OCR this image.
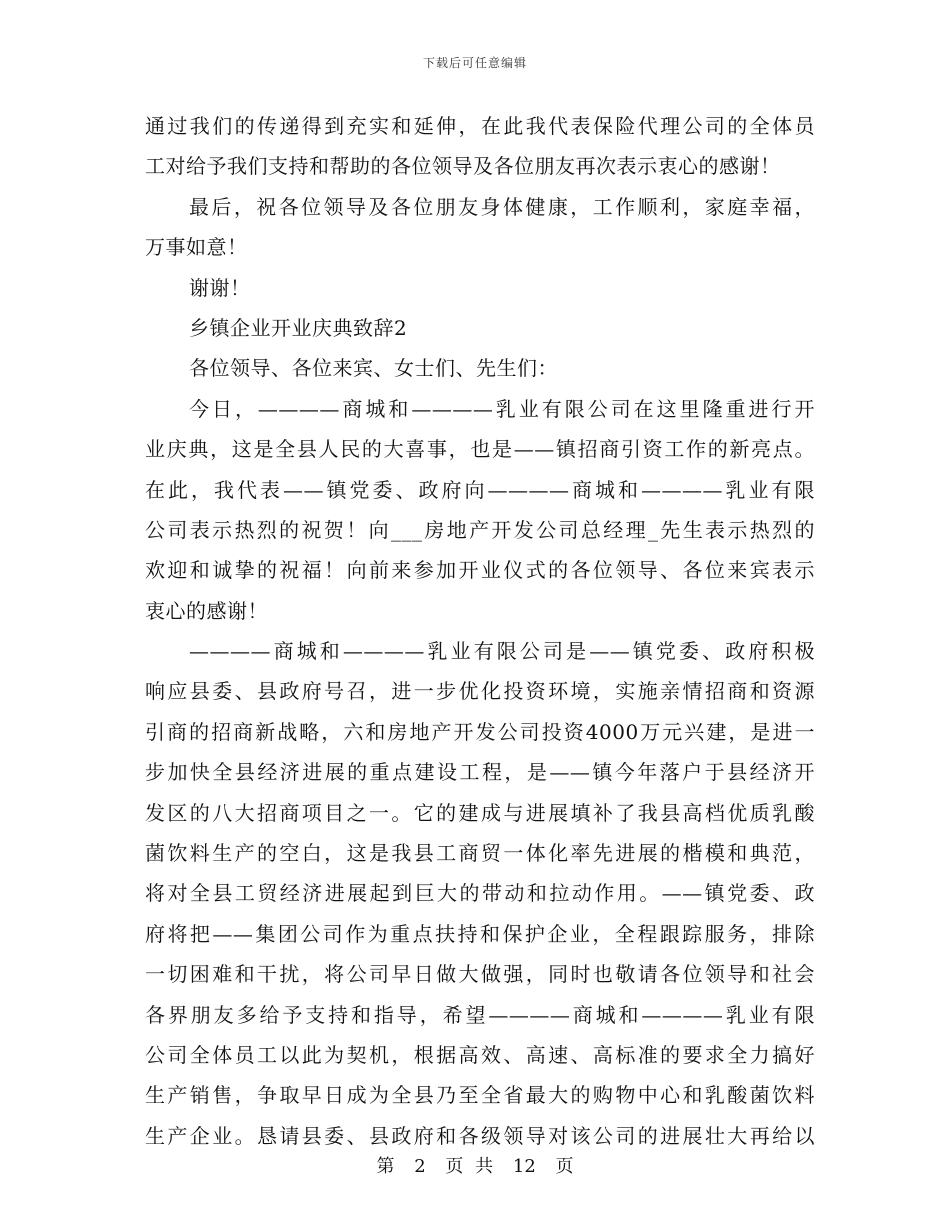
下载后可任意编辑
通过我们的传递得到充实和延伸，在此我代表保险代理公司的全体员
工对给予我们支持和帮助的各位领导及各位朋友再次表示衷心的感谢！
最后，祝各位领导及各位朋友身体健康，工作顺利，家庭幸福，
万事如意！
谢谢！
乡镇企业开业庆典致辞2
各位领导、各位来宾、女士们、先生们：
今日，————商城和————乳业有限公司在这里隆重进行开
业庆典，这是全县人民的大喜事，也是——镇招商引资工作的新亮点。
在此，我代表——镇党委、政府向————商城和————乳业有限
公司表示热烈的祝贺！向___房地产开发公司总经理_先生表示热烈的
欢迎和诚挚的祝福！向前来参加开业仪式的各位领导、各位来宾表示
衷心的感谢！
————商城和————乳业有限公司是——镇党委、政府积极
响应县委、县政府号召，进一步优化投资环境，实施亲情招商和资源
引商的招商新战略，六和房地产开发公司投资4000万元兴建，是进一
步加快全县经济进展的重点建设工程，是——镇今年落户于县经济开
发区的八大招商项目之一。它的建成与进展填补了我县高档优质乳酸
菌饮料生产的空白，这是我县工商贸一体化率先进展的楷模和典范，
将对全县工贸经济进展起到巨大的带动和拉动作用。——镇党委、政
府将把——集团公司作为重点扶持和保护企业，全程跟踪服务，排除
一切困难和干扰，将公司早日做大做强，同时也敬请各位领导和社会
各界朋友多给予支持和指导，希望————商城和————乳业有限
公司全体员工以此为契机，根据高效、高速、高标准的要求全力搞好
生产销售，争取早日成为全县乃至全省最大的购物中心和乳酸菌饮料
生产企业。恳请县委、县政府和各级领导对该公司的进展壮大再给以
第 2 页 共 12 页
